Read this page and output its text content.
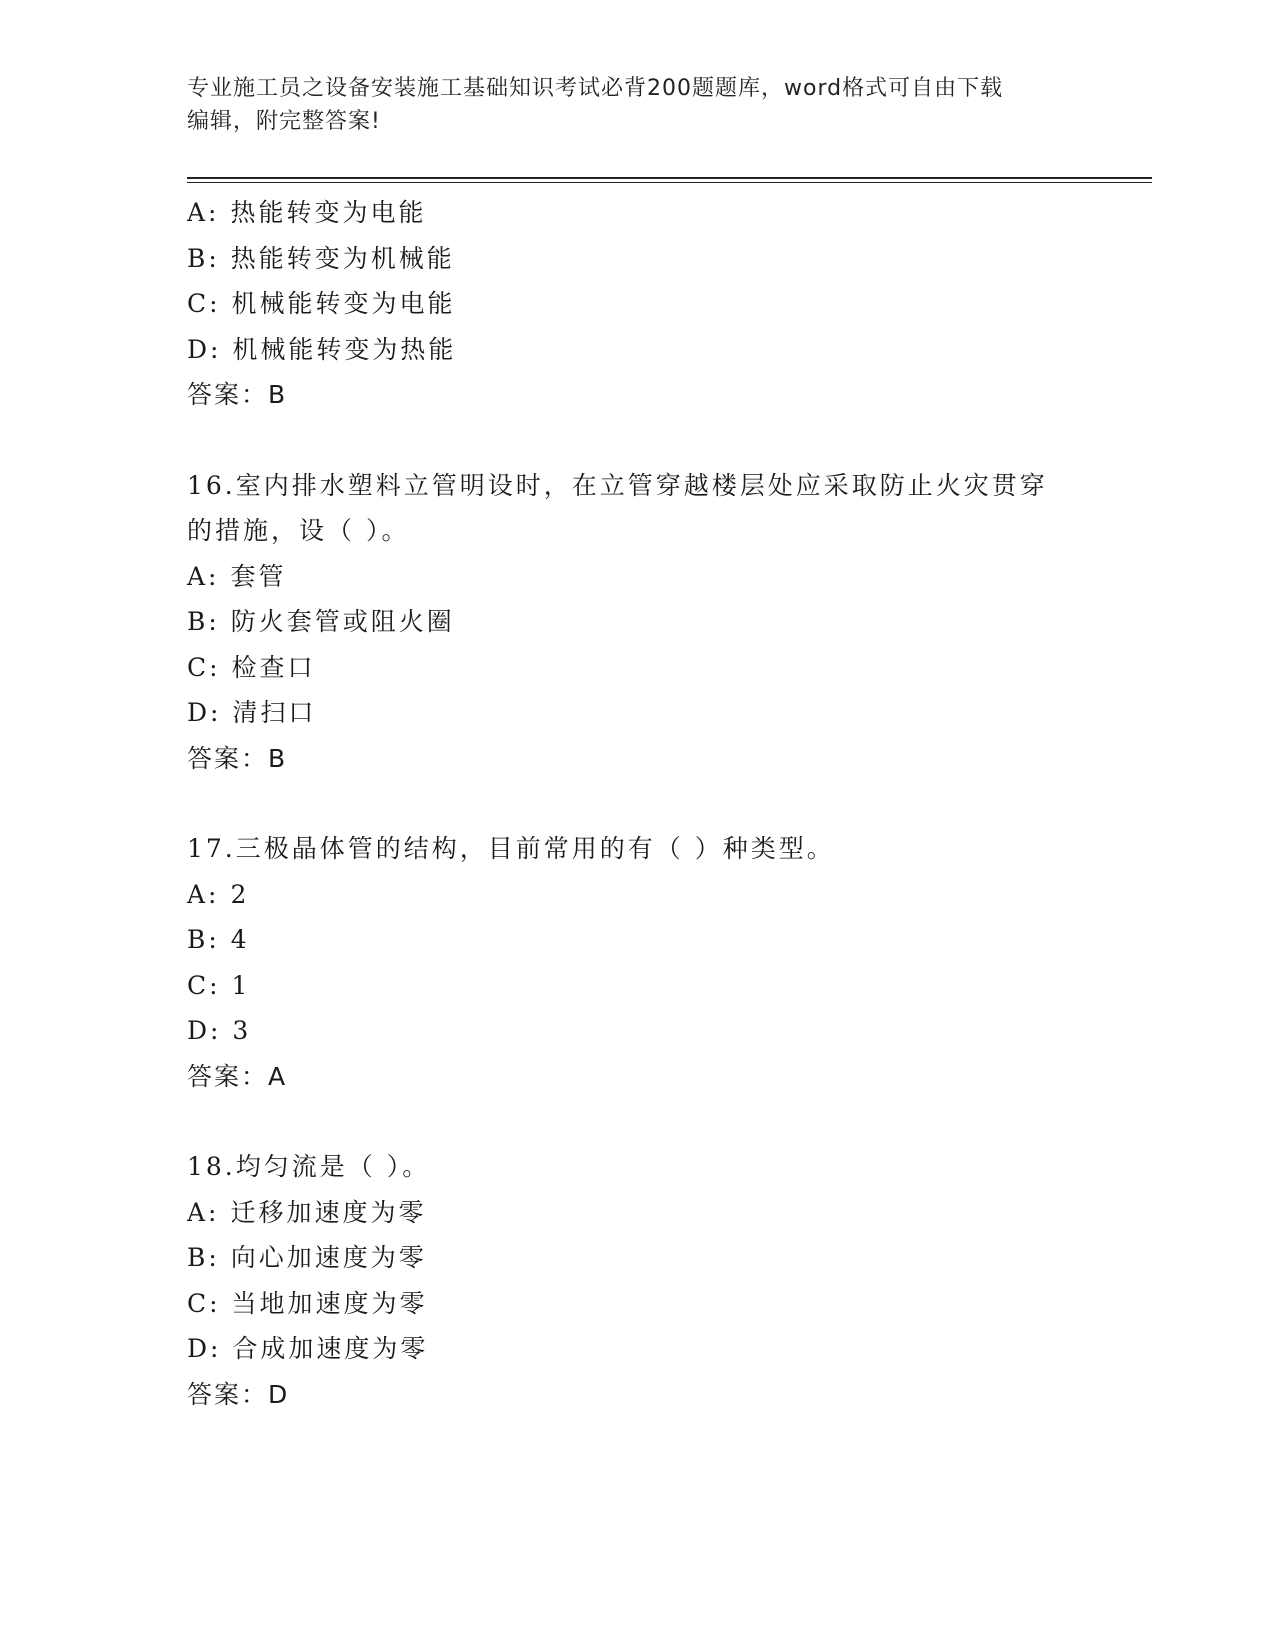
专业施工员之设备安装施工基础知识考试必背200题题库，word格式可自由下载
编辑，附完整答案!
A: 热能转变为电能
B: 热能转变为机械能
C: 机械能转变为电能
D: 机械能转变为热能
答案：B
16.室内排水塑料立管明设时，在立管穿越楼层处应采取防止火灾贯穿
的措施，设（ ）。
A: 套管
B: 防火套管或阻火圈
C: 检查口
D: 清扫口
答案：B
17.三极晶体管的结构，目前常用的有（ ）种类型。
A: 2
B: 4
C: 1
D: 3
答案：A
18.均匀流是（ ）。
A: 迁移加速度为零
B: 向心加速度为零
C: 当地加速度为零
D: 合成加速度为零
答案：D
